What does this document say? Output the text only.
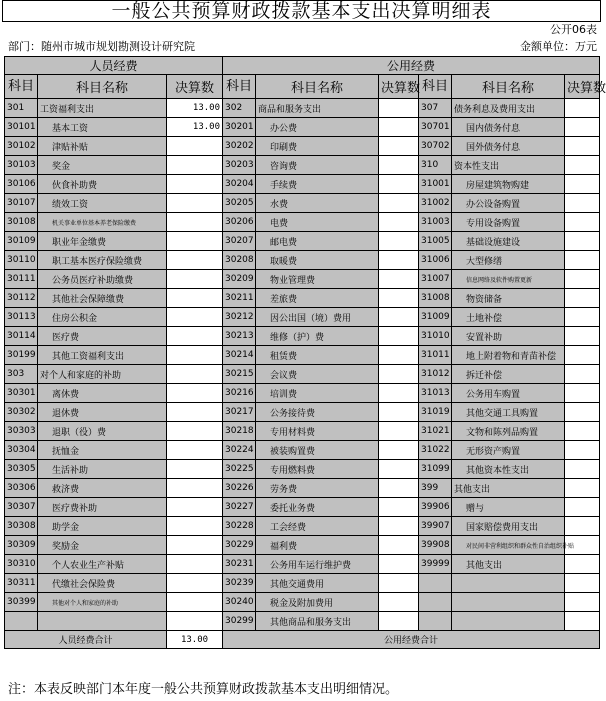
一般公共预算财政拨款基本支出决算明细表
公开06表
部门：随州市城市规划勘测设计研究院	金额单位：万元
人员经费			公用经费					
科目	科目名称	决算数	科目	科目名称	决算数	科目	科目名称	决算数
301	工资福利支出	13.00	302	商品和服务支出		307	债务利息及费用支出	
30101	基本工资	13.00	30201	办公费		30701	国内债务付息	
30102	津贴补贴		30202	印刷费		30702	国外债务付息	
30103	奖金		30203	咨询费		310	资本性支出	
30106	伙食补助费		30204	手续费		31001	房屋建筑物购建	
30107	绩效工资		30205	水费		31002	办公设备购置	
30108	机关事业单位基本养老保险缴费		30206	电费		31003	专用设备购置	
30109	职业年金缴费		30207	邮电费		31005	基础设施建设	
30110	职工基本医疗保险缴费		30208	取暖费		31006	大型修缮	
30111	公务员医疗补助缴费		30209	物业管理费		31007	信息网络及软件购置更新	
30112	其他社会保障缴费		30211	差旅费		31008	物资储备	
30113	住房公积金		30212	因公出国（境）费用		31009	土地补偿	
30114	医疗费		30213	维修（护）费		31010	安置补助	
30199	其他工资福利支出		30214	租赁费		31011	地上附着物和青苗补偿	
303	对个人和家庭的补助		30215	会议费		31012	拆迁补偿	
30301	离休费		30216	培训费		31013	公务用车购置	
30302	退休费		30217	公务接待费		31019	其他交通工具购置	
30303	退职（役）费		30218	专用材料费		31021	文物和陈列品购置	
30304	抚恤金		30224	被装购置费		31022	无形资产购置	
30305	生活补助		30225	专用燃料费		31099	其他资本性支出	
30306	救济费		30226	劳务费		399	其他支出	
30307	医疗费补助		30227	委托业务费		39906	赠与	
30308	助学金		30228	工会经费		39907	国家赔偿费用支出	
30309	奖励金		30229	福利费		39908	对民间非营利组织和群众性自治组织补贴	
30310	个人农业生产补贴		30231	公务用车运行维护费		39999	其他支出	
30311	代缴社会保险费		30239	其他交通费用				
30399	其他对个人和家庭的补助		30240	税金及附加费用				
			30299	其他商品和服务支出				
人员经费合计		13.00	公用经费合计					
注：本表反映部门本年度一般公共预算财政拨款基本支出明细情况。
